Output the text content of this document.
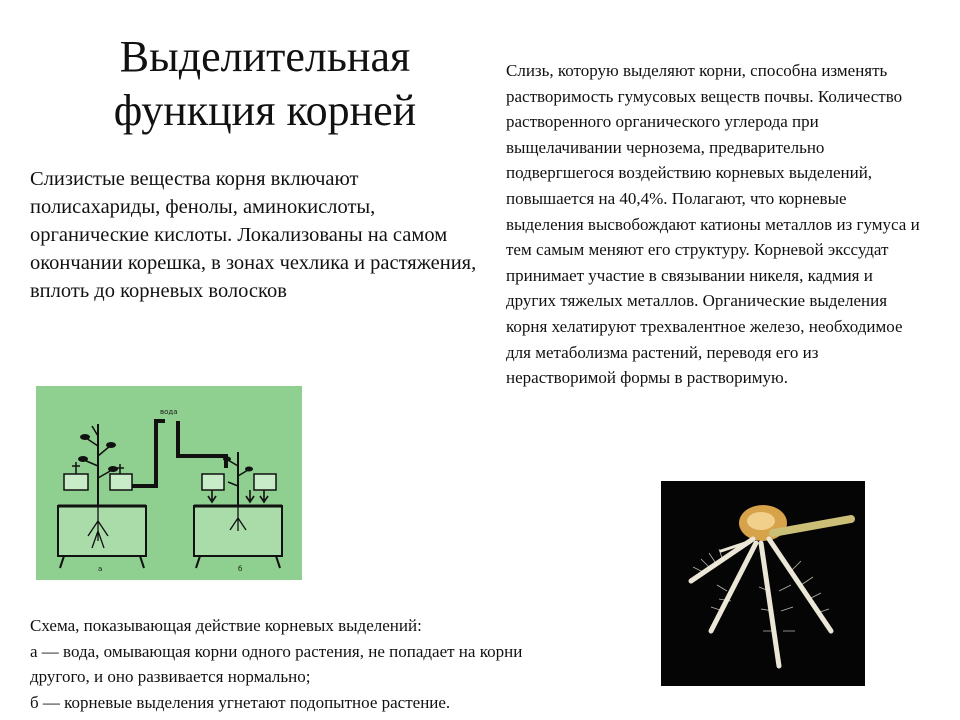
Выделительная
функция корней
Слизистые вещества корня включают полисахариды, фенолы, аминокислоты, органические кислоты. Локализованы на самом окончании корешка, в зонах чехлика и растяжения, вплоть до корневых волосков
Слизь, которую выделяют корни, способна изменять растворимость гумусовых веществ почвы. Количество растворенного органического углерода при выщелачивании чернозема, предварительно подвергшегося воздействию корневых выделений, повышается на 40,4%. Полагают, что корневые выделения высвобождают катионы металлов из гумуса и тем самым меняют его структуру. Корневой экссудат принимает участие в связывании никеля, кадмия и других тяжелых металлов. Органические выделения корня хелатируют трехвалентное железо, необходимое для метаболизма растений, переводя его из нерастворимой формы в растворимую.
вода
а	б
Схема, показывающая действие корневых выделений:
а — вода, омывающая корни одного растения, не попадает на корни
другого, и оно развивается нормально;
б — корневые выделения угнетают подопытное растение.
